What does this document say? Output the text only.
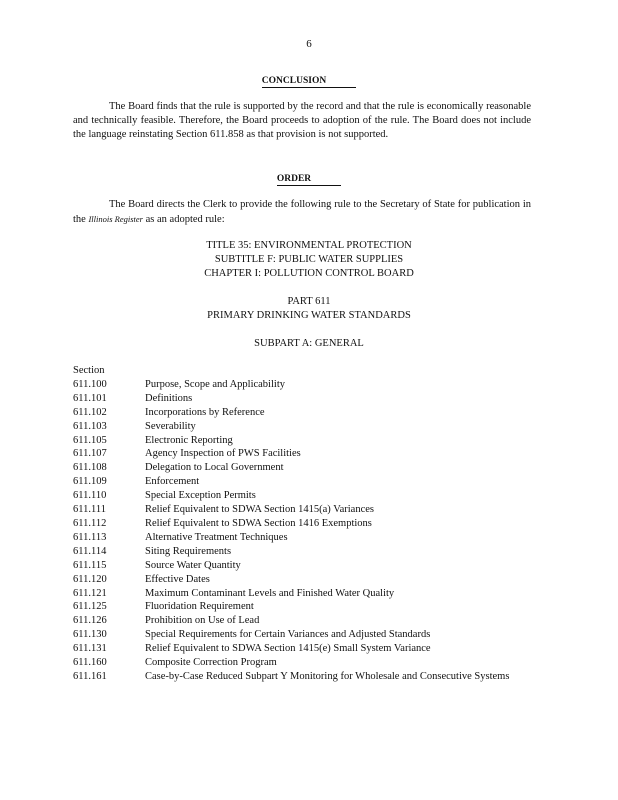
6
CONCLUSION
The Board finds that the rule is supported by the record and that the rule is economically reasonable and technically feasible. Therefore, the Board proceeds to adoption of the rule. The Board does not include the language reinstating Section 611.858 as that provision is not supported.
ORDER
The Board directs the Clerk to provide the following rule to the Secretary of State for publication in the Illinois Register as an adopted rule:
TITLE 35: ENVIRONMENTAL PROTECTION
SUBTITLE F: PUBLIC WATER SUPPLIES
CHAPTER I: POLLUTION CONTROL BOARD
PART 611
PRIMARY DRINKING WATER STANDARDS
SUBPART A: GENERAL
Section
611.100	Purpose, Scope and Applicability
611.101	Definitions
611.102	Incorporations by Reference
611.103	Severability
611.105	Electronic Reporting
611.107	Agency Inspection of PWS Facilities
611.108	Delegation to Local Government
611.109	Enforcement
611.110	Special Exception Permits
611.111	Relief Equivalent to SDWA Section 1415(a) Variances
611.112	Relief Equivalent to SDWA Section 1416 Exemptions
611.113	Alternative Treatment Techniques
611.114	Siting Requirements
611.115	Source Water Quantity
611.120	Effective Dates
611.121	Maximum Contaminant Levels and Finished Water Quality
611.125	Fluoridation Requirement
611.126	Prohibition on Use of Lead
611.130	Special Requirements for Certain Variances and Adjusted Standards
611.131	Relief Equivalent to SDWA Section 1415(e) Small System Variance
611.160	Composite Correction Program
611.161	Case-by-Case Reduced Subpart Y Monitoring for Wholesale and Consecutive Systems
